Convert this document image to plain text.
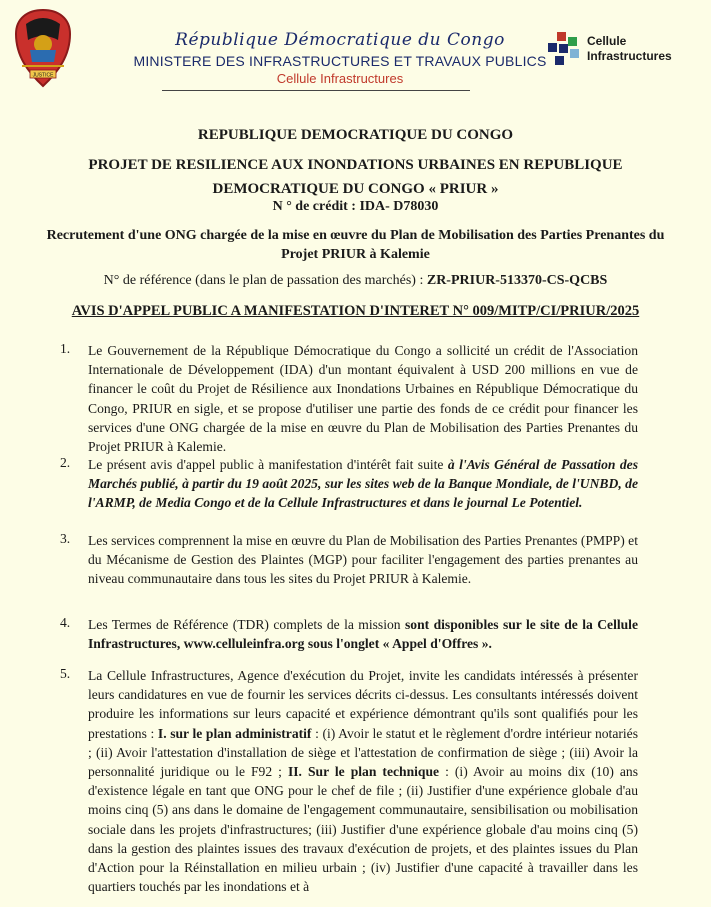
JUSTICE
République Démocratique du Congo
MINISTERE DES INFRASTRUCTURES ET TRAVAUX PUBLICS
Cellule Infrastructures
Cellule
Infrastructures
REPUBLIQUE DEMOCRATIQUE DU CONGO
PROJET DE RESILIENCE AUX INONDATIONS URBAINES EN REPUBLIQUE DEMOCRATIQUE DU CONGO « PRIUR »
N ° de crédit : IDA- D78030
Recrutement d'une ONG chargée de la mise en œuvre du Plan de Mobilisation des Parties Prenantes du Projet PRIUR à Kalemie
N° de référence (dans le plan de passation des marchés) : ZR-PRIUR-513370-CS-QCBS
AVIS D'APPEL PUBLIC A MANIFESTATION D'INTERET N° 009/MITP/CI/PRIUR/2025
1. Le Gouvernement de la République Démocratique du Congo a sollicité un crédit de l'Association Internationale de Développement (IDA) d'un montant équivalent à USD 200 millions en vue de financer le coût du Projet de Résilience aux Inondations Urbaines en République Démocratique du Congo, PRIUR en sigle, et se propose d'utiliser une partie des fonds de ce crédit pour financer les services d'une ONG chargée de la mise en œuvre du Plan de Mobilisation des Parties Prenantes du Projet PRIUR à Kalemie.
2. Le présent avis d'appel public à manifestation d'intérêt fait suite à l'Avis Général de Passation des Marchés publié, à partir du 19 août 2025, sur les sites web de la Banque Mondiale, de l'UNBD, de l'ARMP, de Media Congo et de la Cellule Infrastructures et dans le journal Le Potentiel.
3. Les services comprennent la mise en œuvre du Plan de Mobilisation des Parties Prenantes (PMPP) et du Mécanisme de Gestion des Plaintes (MGP) pour faciliter l'engagement des parties prenantes au niveau communautaire dans tous les sites du Projet PRIUR à Kalemie.
4. Les Termes de Référence (TDR) complets de la mission sont disponibles sur le site de la Cellule Infrastructures, www.celluleinfra.org sous l'onglet « Appel d'Offres ».
5. La Cellule Infrastructures, Agence d'exécution du Projet, invite les candidats intéressés à présenter leurs candidatures en vue de fournir les services décrits ci-dessus. Les consultants intéressés doivent produire les informations sur leurs capacité et expérience démontrant qu'ils sont qualifiés pour les prestations : I. sur le plan administratif : (i) Avoir le statut et le règlement d'ordre intérieur notariés ; (ii) Avoir l'attestation d'installation de siège et l'attestation de confirmation de siège ; (iii) Avoir la personnalité juridique ou le F92 ; II. Sur le plan technique : (i) Avoir au moins dix (10) ans d'existence légale en tant que ONG pour le chef de file ; (ii) Justifier d'une expérience globale d'au moins cinq (5) ans dans le domaine de l'engagement communautaire, sensibilisation ou mobilisation sociale dans les projets d'infrastructures; (iii) Justifier d'une expérience globale d'au moins cinq (5) dans la gestion des plaintes issues des travaux d'exécution de projets, et des plaintes issues du Plan d'Action pour la Réinstallation en milieu urbain ; (iv) Justifier d'une capacité à travailler dans les quartiers touchés par les inondations et à
